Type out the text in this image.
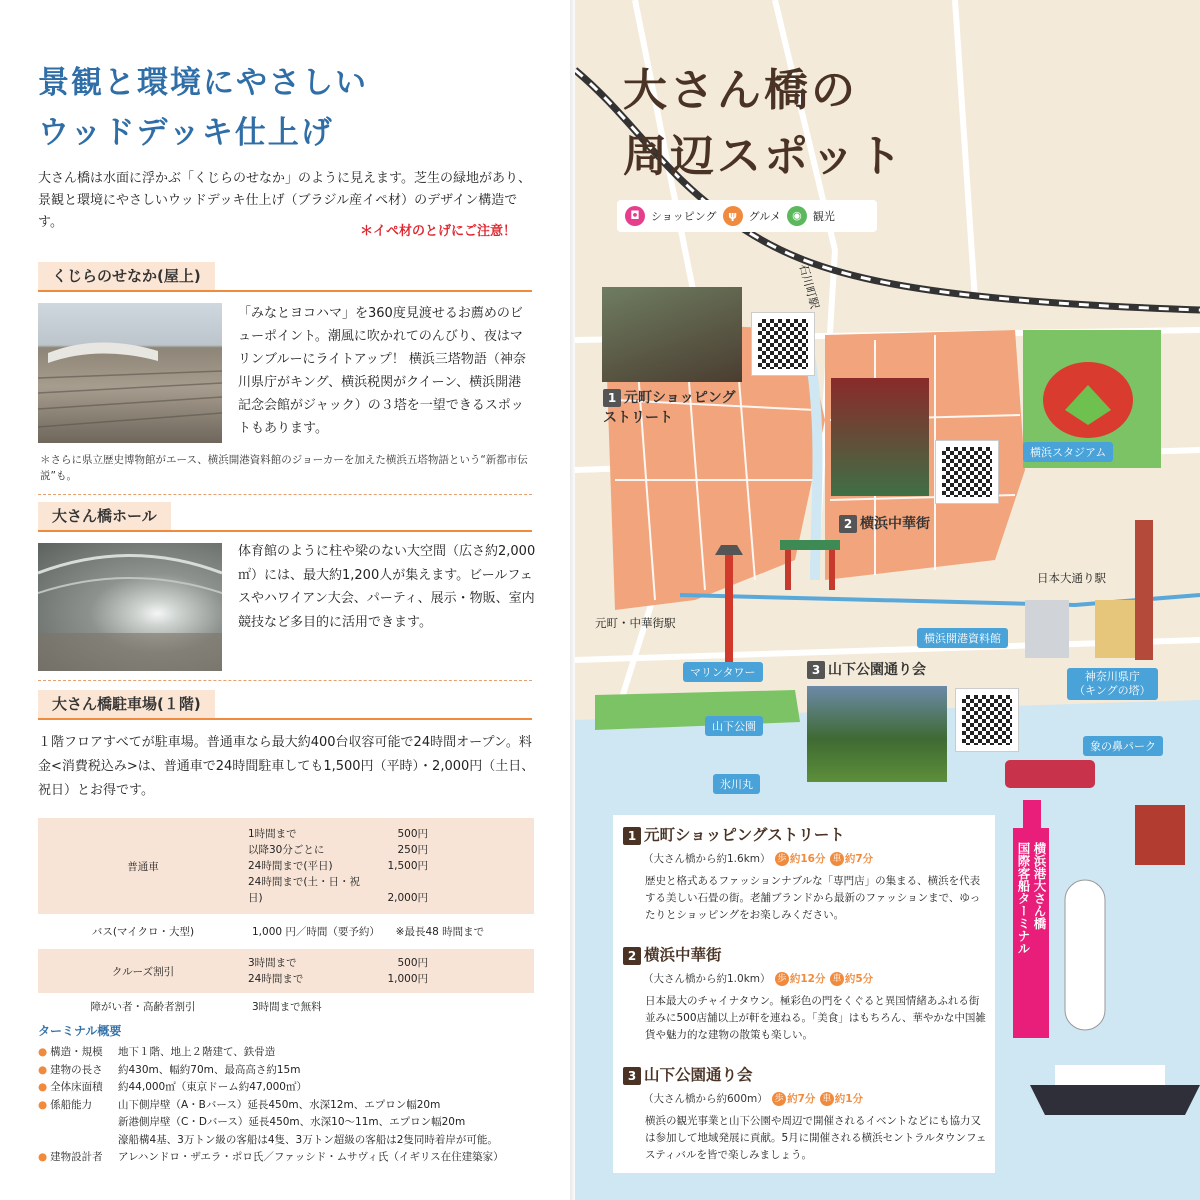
景観と環境にやさしい
ウッドデッキ仕上げ
大さん橋は水面に浮かぶ「くじらのせなか」のように見えます。芝生の緑地があり、景観と環境にやさしいウッドデッキ仕上げ（ブラジル産イペ材）のデザイン構造です。
＊イペ材のとげにご注意！
くじらのせなか(屋上)
「みなとヨコハマ」を360度見渡せるお薦めのビューポイント。潮風に吹かれてのんびり、夜はマリンブルーにライトアップ！ 横浜三塔物語（神奈川県庁がキング、横浜税関がクイーン、横浜開港記念会館がジャック）の３塔を一望できるスポットもあります。
＊さらに県立歴史博物館がエース、横浜開港資料館のジョーカーを加えた横浜五塔物語という“新都市伝説”も。
大さん橋ホール
体育館のように柱や梁のない大空間（広さ約2,000㎡）には、最大約1,200人が集えます。ビールフェスやハワイアン大会、パーティ、展示・物販、室内競技など多目的に活用できます。
大さん橋駐車場(１階)
１階フロアすべてが駐車場。普通車なら最大約400台収容可能で24時間オープン。料金<消費税込み>は、普通車で24時間駐車しても1,500円（平時）・2,000円（土日、祝日）とお得です。
普通車	1時間まで 500円
以降30分ごとに 250円
24時間まで(平日) 1,500円
24時間まで(土・日・祝日) 2,000円

バス(マイクロ・大型)	1,000 円／時間（要予約）　　 ※最長48 時間まで
クルーズ割引	3時間まで 500円
24時間まで 1,000円

障がい者・高齢者割引	3時間まで無料
ターミナル概要
● 構造・規模	地下１階、地上２階建て、鉄骨造
● 建物の長さ	約430m、幅約70m、最高高さ約15m
● 全体床面積	約44,000㎡（東京ドーム約47,000㎡）
● 係船能力	山下側岸壁（A・Bバース）延長450m、水深12m、エプロン幅20m
新港側岸壁（C・Dバース）延長450m、水深10～11m、エプロン幅20m
濠船構4基、3万トン級の客船は4隻、3万トン超級の客船は2隻同時着岸が可能。
● 建物設計者	アレハンドロ・ザエラ・ポロ氏／ファッシド・ムサヴィ氏（イギリス在住建築家）
大さん橋の
周辺スポット
◘	ショッピング	ψ	グルメ	◉	観光
石川町駅
元町・中華街駅
日本大通り駅
1 元町ショッピング
ストリート
2 横浜中華街
3 山下公園通り会
横浜スタジアム
横浜開港資料館
マリンタワー
山下公園
氷川丸
神奈川県庁
（キングの塔）
象の鼻パーク
横浜港大さん橋
国際客船ターミナル
1 元町ショッピングストリート
（大さん橋から約1.6km） 歩 約16分 車 約7分
歴史と格式あるファッションナブルな「専門店」の集まる、横浜を代表する美しい石畳の街。老舗ブランドから最新のファッションまで、ゆったりとショッピングをお楽しみください。
2 横浜中華街
（大さん橋から約1.0km） 歩 約12分 車 約5分
日本最大のチャイナタウン。極彩色の門をくぐると異国情緒あふれる街並みに500店舗以上が軒を連ねる。「美食」はもちろん、華やかな中国雑貨や魅力的な建物の散策も楽しい。
3 山下公園通り会
（大さん橋から約600m） 歩 約7分 車 約1分
横浜の観光事業と山下公園や周辺で開催されるイベントなどにも協力又は参加して地域発展に貢献。5月に開催される横浜セントラルタウンフェスティバルを皆で楽しみましょう。
